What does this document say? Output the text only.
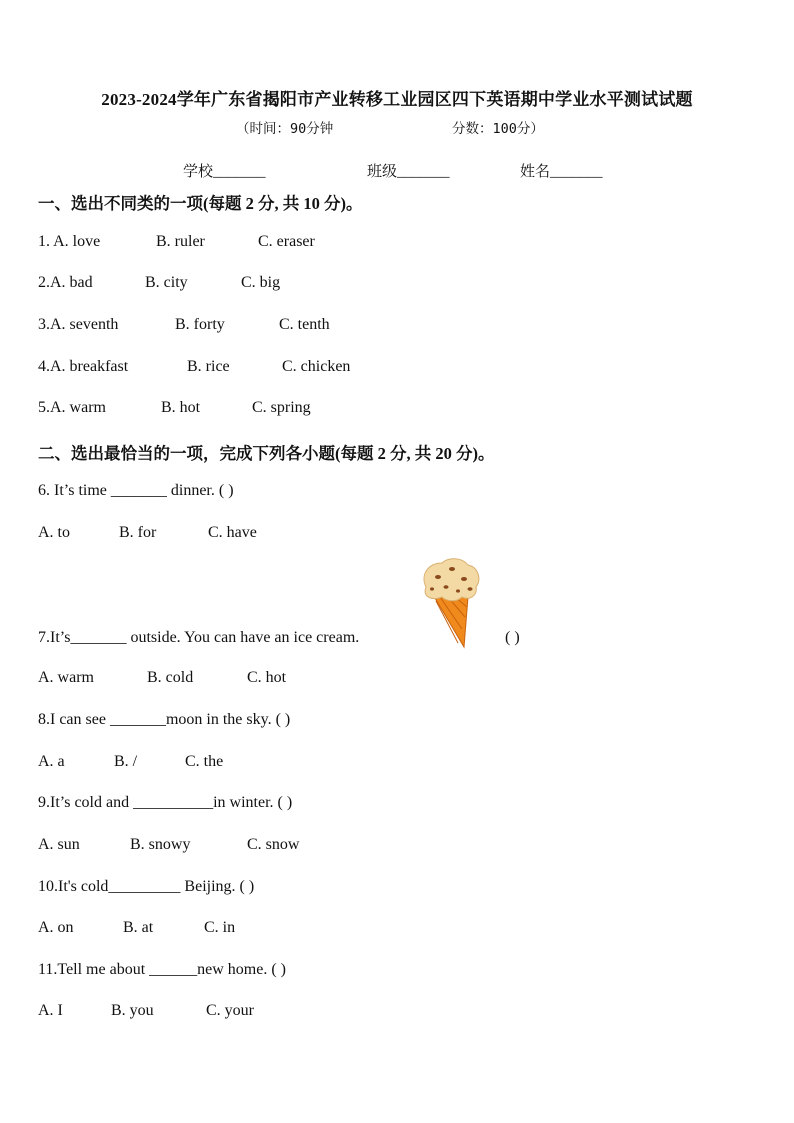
2023-2024学年广东省揭阳市产业转移工业园区四下英语期中学业水平测试试题
（时间：90分钟	分数：100分）
学校_______	班级_______	姓名_______
一、选出不同类的一项(每题 2 分, 共 10 分)。
1. A. love	B. ruler	C. eraser
2.A. bad	B. city	C. big
3.A. seventh	B. forty	C. tenth
4.A. breakfast	B. rice	C. chicken
5.A. warm	B. hot	C. spring
二、选出最恰当的一项，完成下列各小题(每题 2 分, 共 20 分)。
6. It’s time _______ dinner. ( )
A. to	B. for	C. have
7.It’s_______ outside. You can have an ice cream.	( )
A. warm	B. cold	C. hot
8.I can see _______moon in the sky. ( )
A. a	B. /	C. the
9.It’s cold and __________in winter. ( )
A. sun	B. snowy	C. snow
10.It's cold_________ Beijing. ( )
A. on	B. at	C. in
11.Tell me about ______new home. ( )
A. I	B. you	C. your
